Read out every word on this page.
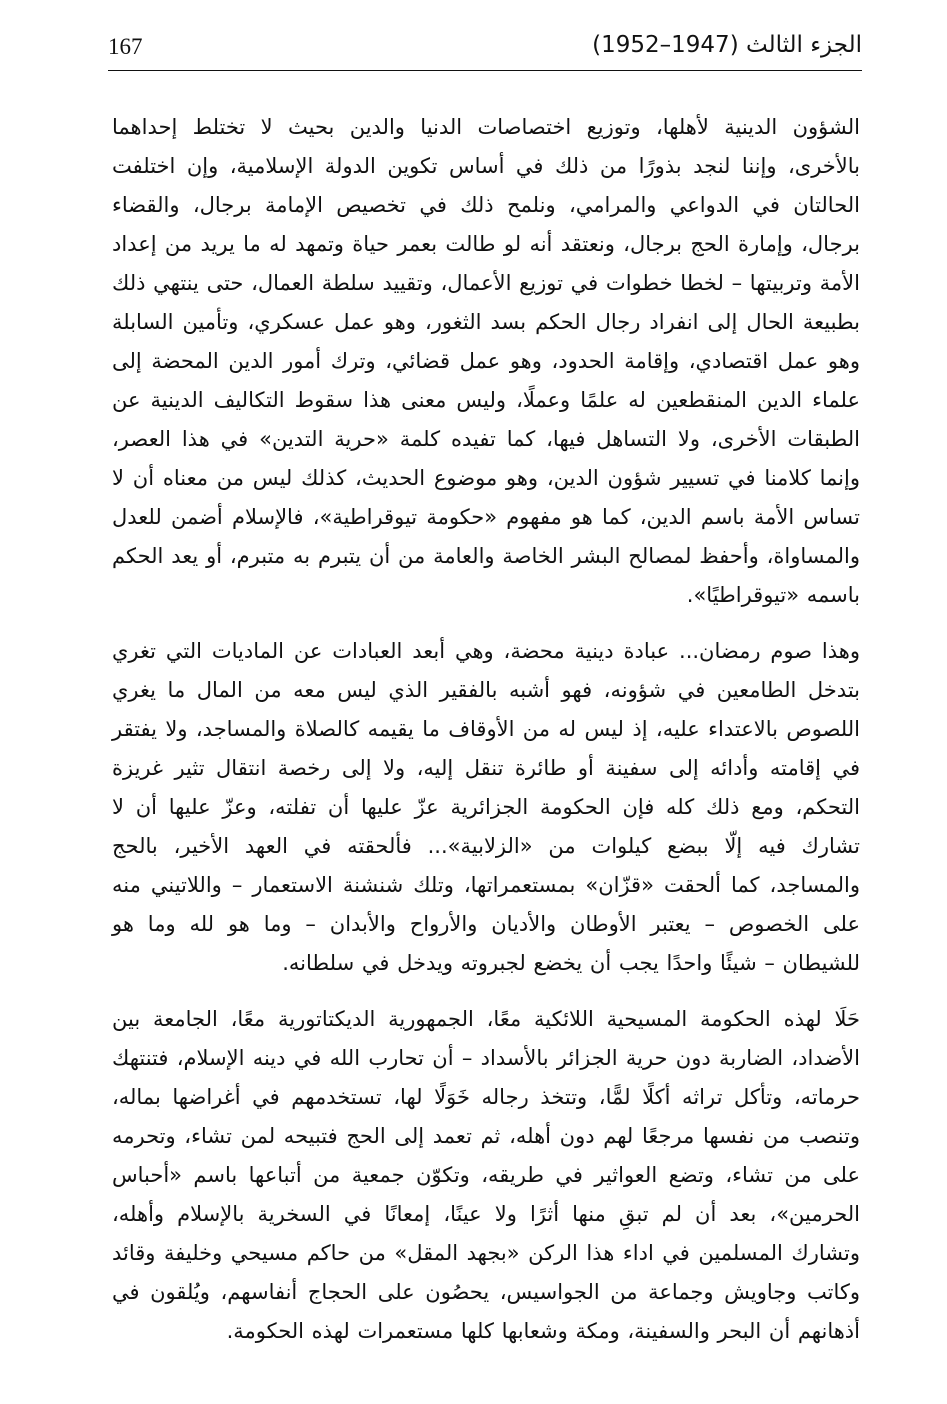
167	الجزء الثالث (1947–1952)

الشؤون الدينية لأهلها، وتوزيع اختصاصات الدنيا والدين بحيث لا تختلط إحداهما بالأخرى، وإننا لنجد بذورًا من ذلك في أساس تكوين الدولة الإسلامية، وإن اختلفت الحالتان في الدواعي والمرامي، ونلمح ذلك في تخصيص الإمامة برجال، والقضاء برجال، وإمارة الحج برجال، ونعتقد أنه لو طالت بعمر حياة وتمهد له ما يريد من إعداد الأمة وتربيتها – لخطا خطوات في توزيع الأعمال، وتقييد سلطة العمال، حتى ينتهي ذلك بطبيعة الحال إلى انفراد رجال الحكم بسد الثغور، وهو عمل عسكري، وتأمين السابلة وهو عمل اقتصادي، وإقامة الحدود، وهو عمل قضائي، وترك أمور الدين المحضة إلى علماء الدين المنقطعين له علمًا وعملًا، وليس معنى هذا سقوط التكاليف الدينية عن الطبقات الأخرى، ولا التساهل فيها، كما تفيده كلمة «حرية التدين» في هذا العصر، وإنما كلامنا في تسيير شؤون الدين، وهو موضوع الحديث، كذلك ليس من معناه أن لا تساس الأمة باسم الدين، كما هو مفهوم «حكومة تيوقراطية»، فالإسلام أضمن للعدل والمساواة، وأحفظ لمصالح البشر الخاصة والعامة من أن يتبرم به متبرم، أو يعد الحكم باسمه «تيوقراطيًا».

وهذا صوم رمضان... عبادة دينية محضة، وهي أبعد العبادات عن الماديات التي تغري بتدخل الطامعين في شؤونه، فهو أشبه بالفقير الذي ليس معه من المال ما يغري اللصوص بالاعتداء عليه، إذ ليس له من الأوقاف ما يقيمه كالصلاة والمساجد، ولا يفتقر في إقامته وأدائه إلى سفينة أو طائرة تنقل إليه، ولا إلى رخصة انتقال تثير غريزة التحكم، ومع ذلك كله فإن الحكومة الجزائرية عزّ عليها أن تفلته، وعزّ عليها أن لا تشارك فيه إلّا ببضع كيلوات من «الزلابية»... فألحقته في العهد الأخير، بالحج والمساجد، كما ألحقت «قزّان» بمستعمراتها، وتلك شنشنة الاستعمار – واللاتيني منه على الخصوص – يعتبر الأوطان والأديان والأرواح والأبدان – وما هو لله وما هو للشيطان – شيئًا واحدًا يجب أن يخضع لجبروته ويدخل في سلطانه.

حَلَا لهذه الحكومة المسيحية اللائكية معًا، الجمهورية الديكتاتورية معًا، الجامعة بين الأضداد، الضاربة دون حرية الجزائر بالأسداد – أن تحارب الله في دينه الإسلام، فتنتهك حرماته، وتأكل تراثه أكلًا لمًّا، وتتخذ رجاله خَوَلًا لها، تستخدمهم في أغراضها بماله، وتنصب من نفسها مرجعًا لهم دون أهله، ثم تعمد إلى الحج فتبيحه لمن تشاء، وتحرمه على من تشاء، وتضع العواثير في طريقه، وتكوّن جمعية من أتباعها باسم «أحباس الحرمين»، بعد أن لم تبقِ منها أثرًا ولا عينًا، إمعانًا في السخرية بالإسلام وأهله، وتشارك المسلمين في اداء هذا الركن «بجهد المقل» من حاكم مسيحي وخليفة وقائد وكاتب وجاويش وجماعة من الجواسيس، يحصُون على الحجاج أنفاسهم، ويُلقون في أذهانهم أن البحر والسفينة، ومكة وشعابها كلها مستعمرات لهذه الحكومة.
